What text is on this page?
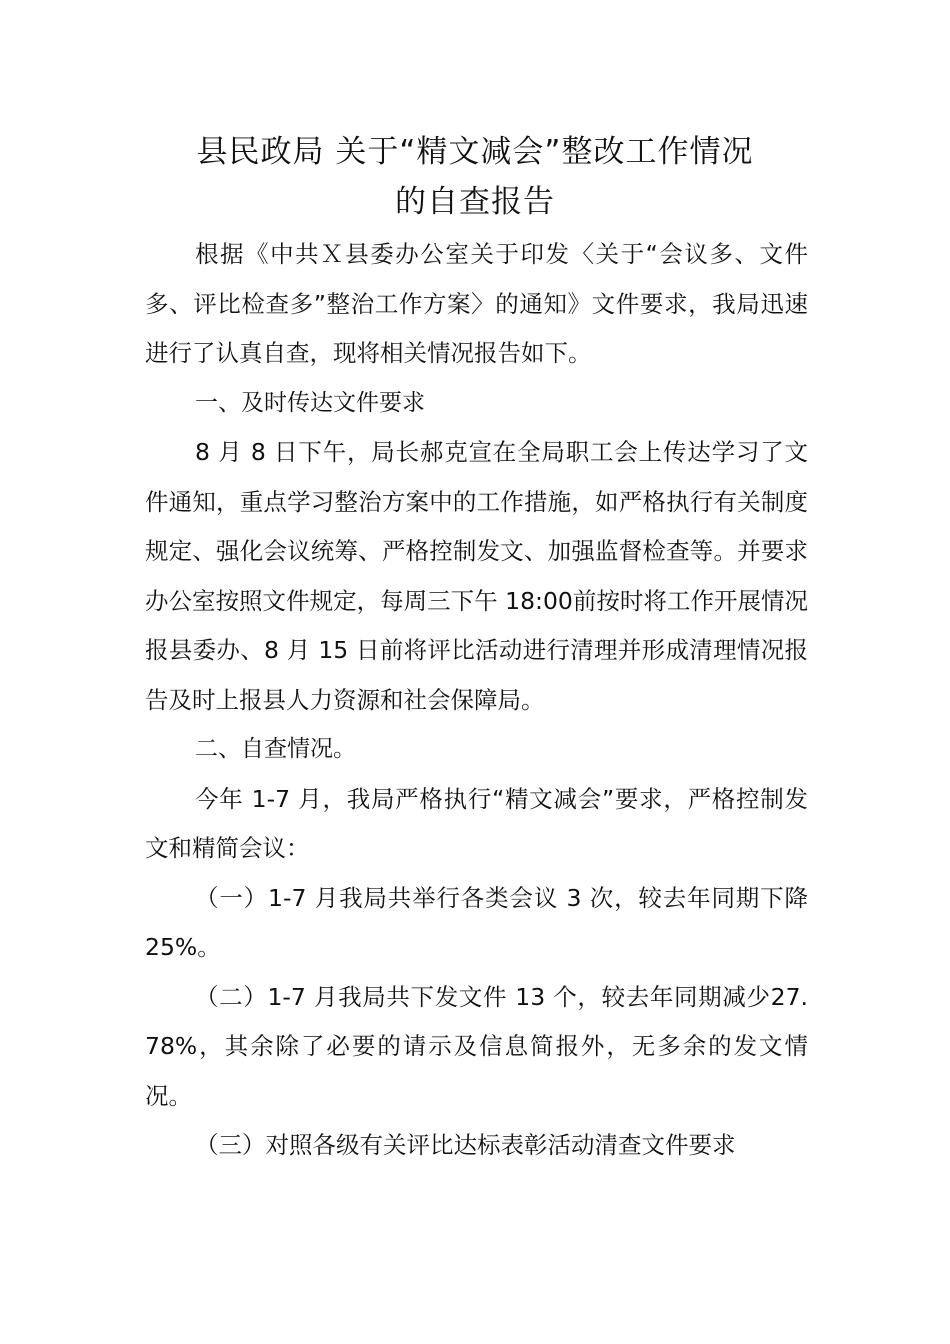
县民政局 关于“精文减会”整改工作情况
的自查报告

根据《中共Ｘ县委办公室关于印发〈关于“会议多、文件多、评比检查多”整治工作方案〉的通知》文件要求，我局迅速进行了认真自查，现将相关情况报告如下。

一、及时传达文件要求

8 月 8 日下午，局长郝克宣在全局职工会上传达学习了文件通知，重点学习整治方案中的工作措施，如严格执行有关制度规定、强化会议统筹、严格控制发文、加强监督检查等。并要求办公室按照文件规定，每周三下午 18:00前按时将工作开展情况报县委办、8 月 15 日前将评比活动进行清理并形成清理情况报告及时上报县人力资源和社会保障局。

二、自查情况。

今年 1-7 月，我局严格执行“精文减会”要求，严格控制发文和精简会议：

（一）1-7 月我局共举行各类会议 3 次，较去年同期下降 25%。

（二）1-7 月我局共下发文件 13 个，较去年同期减少27.78%，其余除了必要的请示及信息简报外，无多余的发文情况。

（三）对照各级有关评比达标表彰活动清查文件要求
